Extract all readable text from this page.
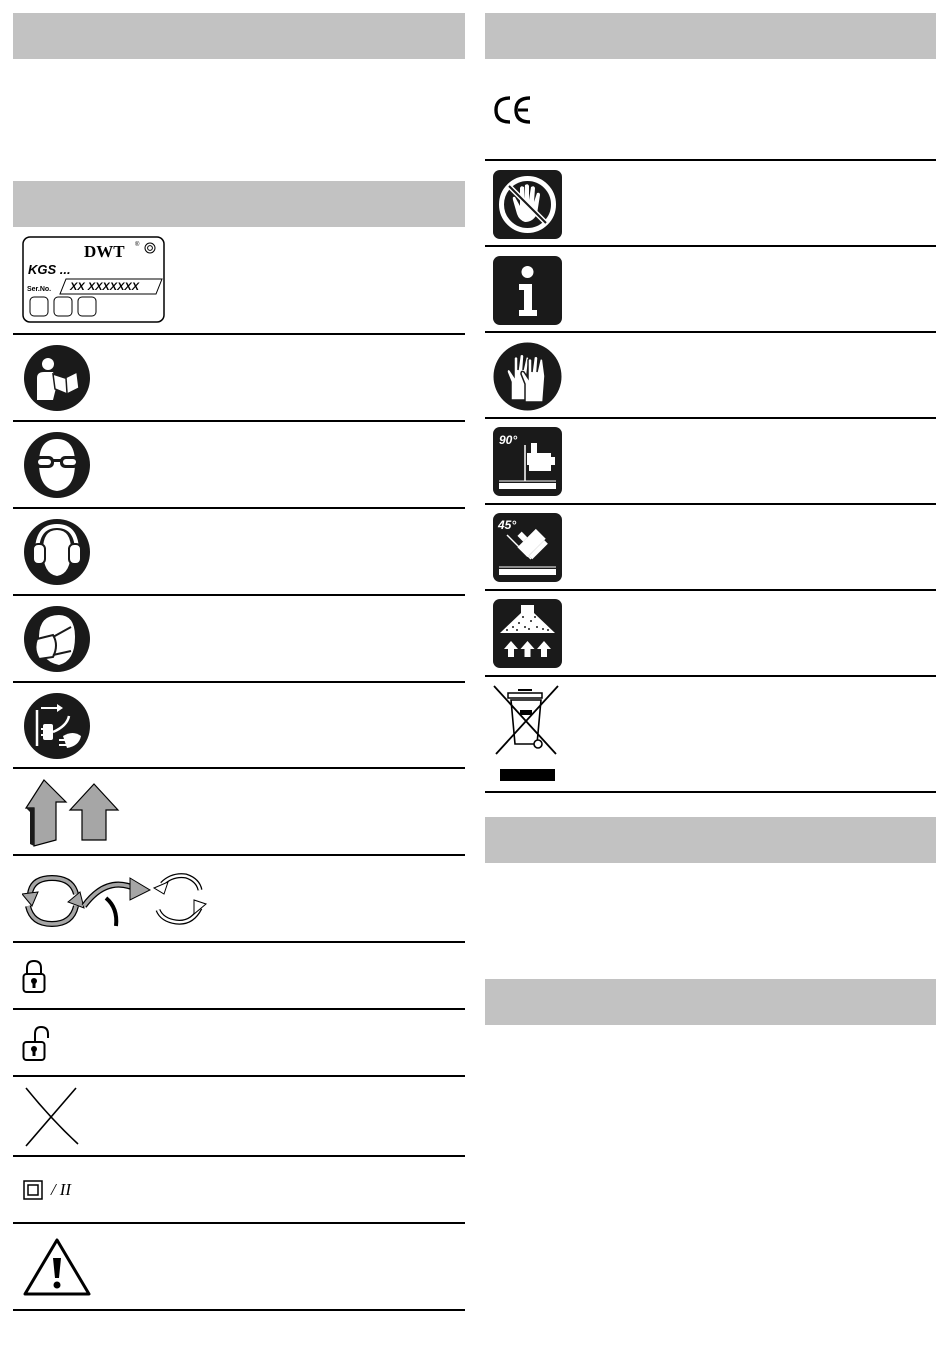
DWT ®
KGS ...
Ser.No. XX XXXXXXX
/ II
90°
45°
